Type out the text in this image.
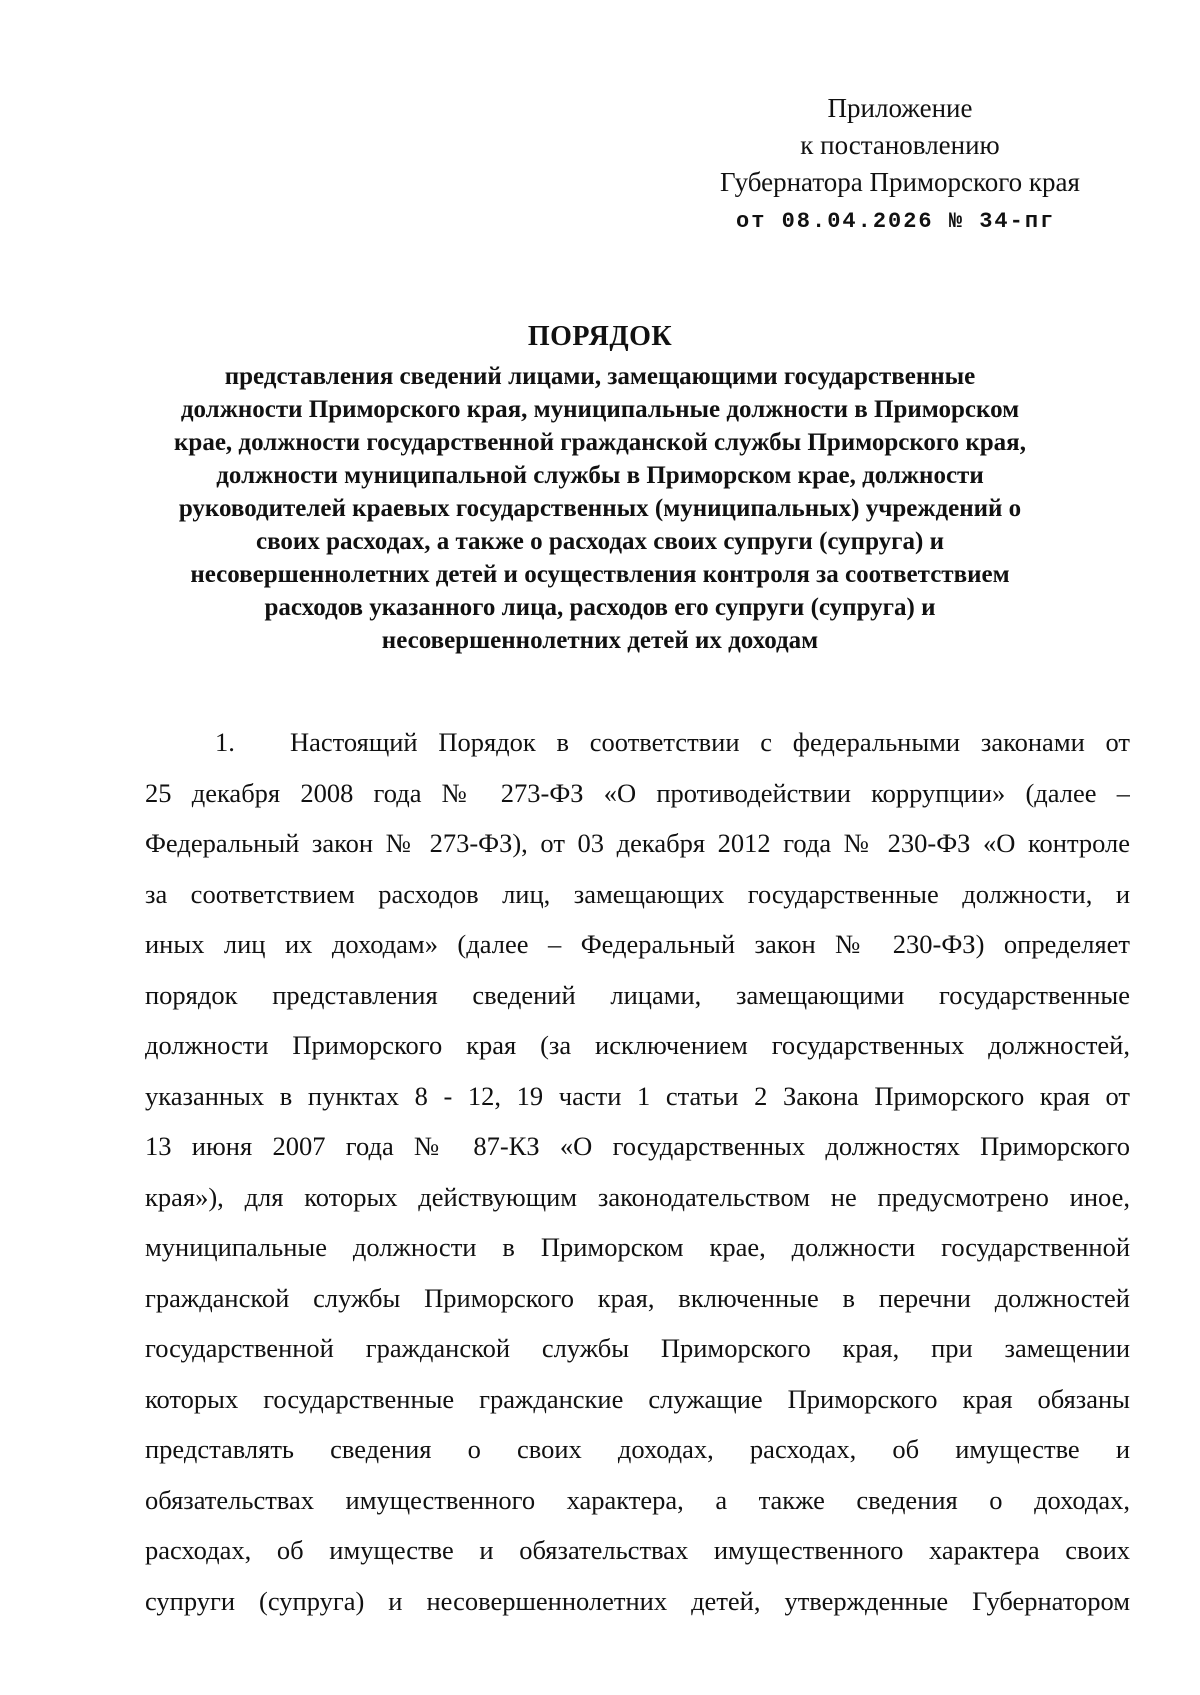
Приложение
к постановлению
Губернатора Приморского края
от 08.04.2026 № 34-пг
ПОРЯДОК
представления сведений лицами, замещающими государственные
должности Приморского края, муниципальные должности в Приморском
крае, должности государственной гражданской службы Приморского края,
должности муниципальной службы в Приморском крае, должности
руководителей краевых государственных (муниципальных) учреждений о
своих расходах, а также о расходах своих супруги (супруга) и
несовершеннолетних детей и осуществления контроля за соответствием
расходов указанного лица, расходов его супруги (супруга) и
несовершеннолетних детей их доходам
1. Настоящий Порядок в соответствии с федеральными законами от
25 декабря 2008 года № 273-ФЗ «О противодействии коррупции» (далее –
Федеральный закон № 273-ФЗ), от 03 декабря 2012 года № 230-ФЗ «О контроле
за соответствием расходов лиц, замещающих государственные должности, и
иных лиц их доходам» (далее – Федеральный закон № 230-ФЗ) определяет
порядок представления сведений лицами, замещающими государственные
должности Приморского края (за исключением государственных должностей,
указанных в пунктах 8 - 12, 19 части 1 статьи 2 Закона Приморского края от
13 июня 2007 года № 87-КЗ «О государственных должностях Приморского
края»), для которых действующим законодательством не предусмотрено иное,
муниципальные должности в Приморском крае, должности государственной
гражданской службы Приморского края, включенные в перечни должностей
государственной гражданской службы Приморского края, при замещении
которых государственные гражданские служащие Приморского края обязаны
представлять сведения о своих доходах, расходах, об имуществе и
обязательствах имущественного характера, а также сведения о доходах,
расходах, об имуществе и обязательствах имущественного характера своих
супруги (супруга) и несовершеннолетних детей, утвержденные Губернатором
